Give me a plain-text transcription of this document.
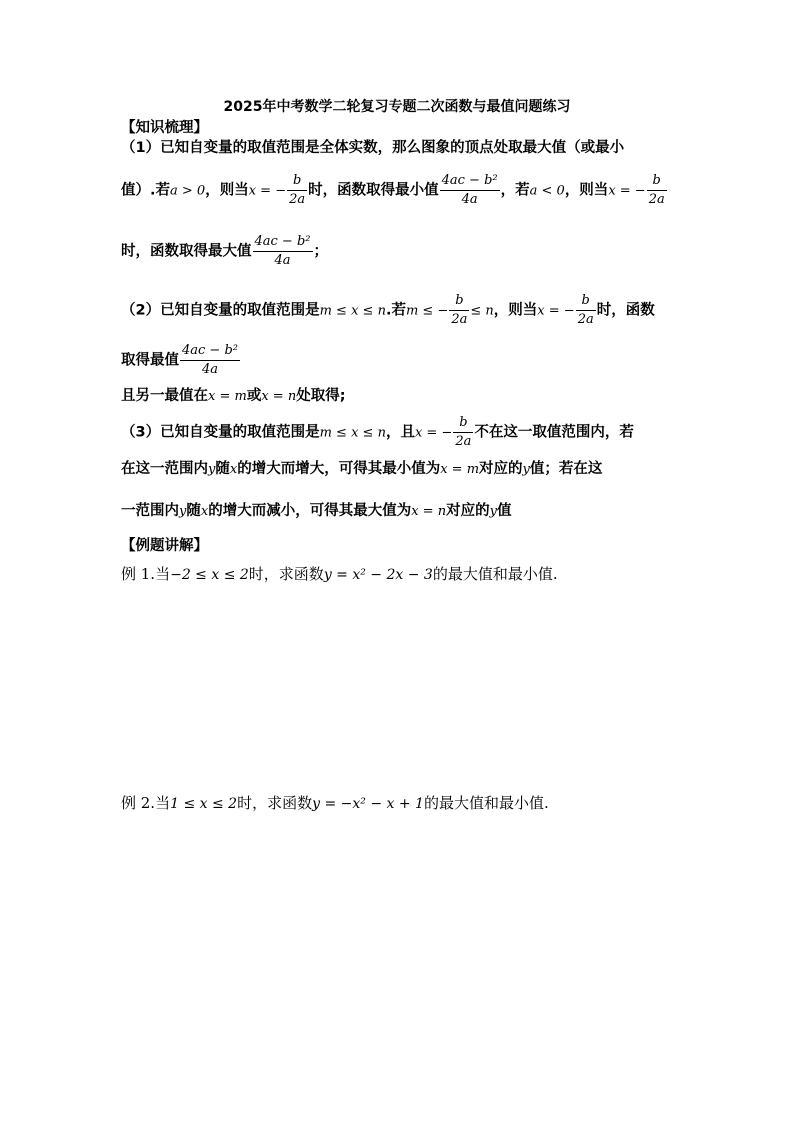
2025年中考数学二轮复习专题二次函数与最值问题练习
【知识梳理】
（1）已知自变量的取值范围是全体实数，那么图象的顶点处取最大值（或最小
值）.若a > 0，则当x = − $\frac{b}{2a}$ 时，函数取得最小值 $\frac{\text{4ac − b²}}{4a}$ ，若a < 0，则当x = − $\frac{b}{2a}$
时，函数取得最大值 $\frac{\text{4ac − b²}}{4a}$ ；
（2）已知自变量的取值范围是m ≤ x ≤ n.若m ≤ − $\frac{b}{2a} \le n$，则当x = − $\frac{b}{2a}$ 时，函数
取得最值 $\frac{\text{4ac − b²}}{4a}$
且另一最值在x = m或x = n处取得;
（3）已知自变量的取值范围是m ≤ x ≤ n，且x = − $\frac{b}{2a}$ 不在这一取值范围内，若
在这一范围内y随x的增大而增大，可得其最小值为x = m对应的y值；若在这
一范围内y随x的增大而减小，可得其最大值为x = n对应的y值
【例题讲解】
例 1.当−2 ≤ x ≤ 2时，求函数y = x² − 2x − 3的最大值和最小值.
例 2.当1 ≤ x ≤ 2时，求函数y = −x² − x + 1的最大值和最小值.
